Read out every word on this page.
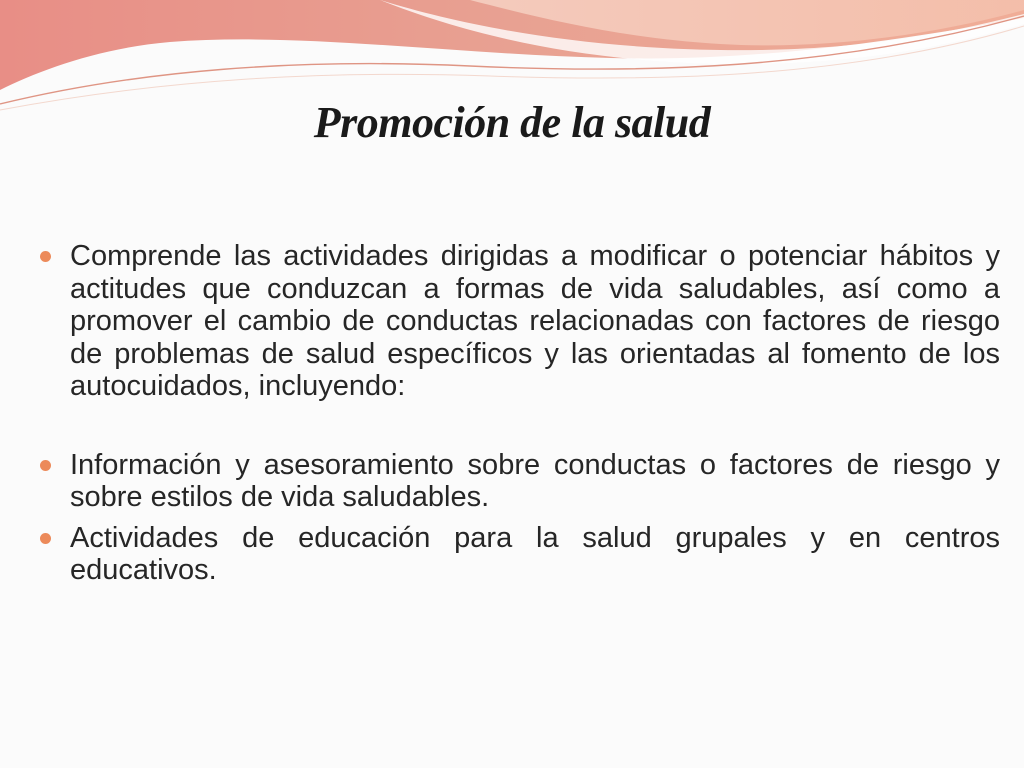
Promoción de la salud
Comprende las actividades dirigidas a modificar o potenciar hábitos y actitudes que conduzcan a formas de vida saludables, así como a promover el cambio de conductas relacionadas con factores de riesgo de problemas de salud específicos y las orientadas al fomento de los autocuidados, incluyendo:
Información y asesoramiento sobre conductas o factores de riesgo y sobre estilos de vida saludables.
Actividades de educación para la salud grupales y en centros educativos.
